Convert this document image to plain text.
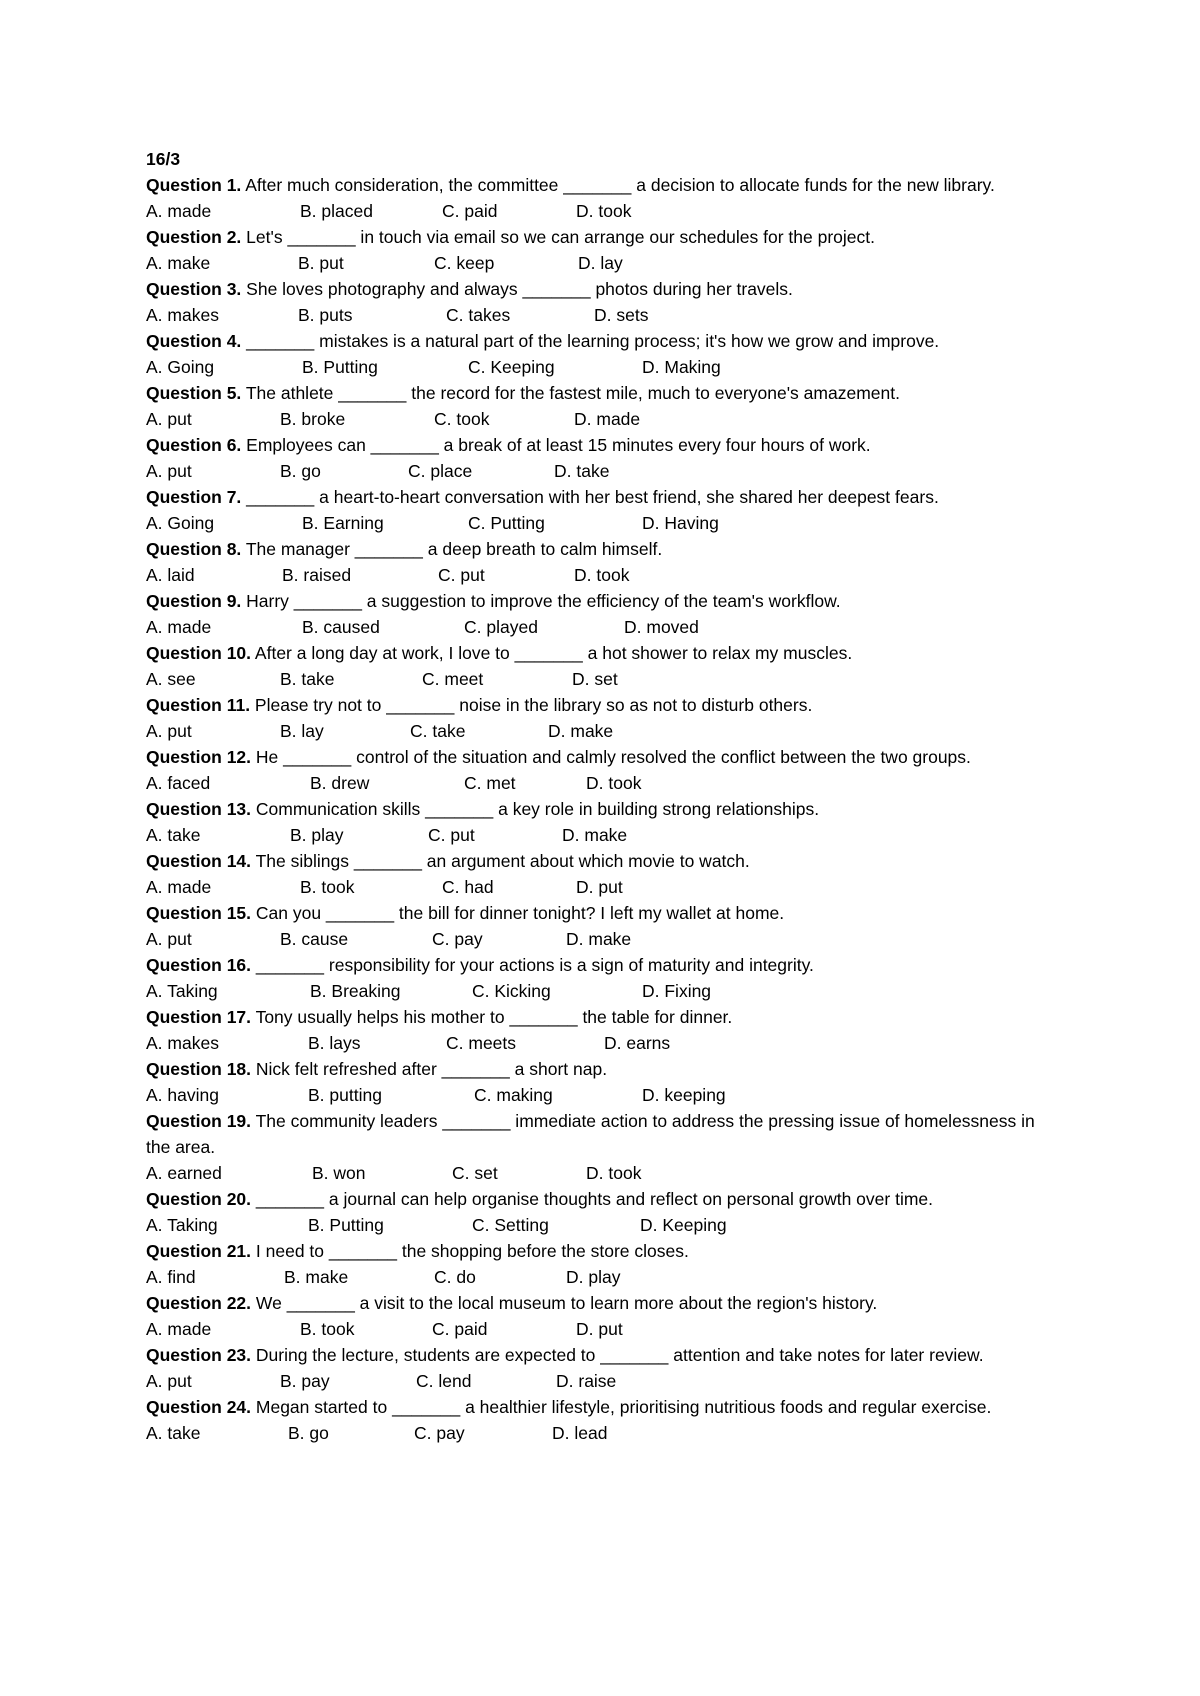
16/3
Question 1. After much consideration, the committee _______ a decision to allocate funds for the new library.
A. made	B. placed	C. paid	D. took
Question 2. Let's _______ in touch via email so we can arrange our schedules for the project.
A. make	B. put	C. keep	D. lay
Question 3. She loves photography and always _______ photos during her travels.
A. makes	B. puts	C. takes	D. sets
Question 4. _______ mistakes is a natural part of the learning process; it's how we grow and improve.
A. Going	B. Putting	C. Keeping	D. Making
Question 5. The athlete _______ the record for the fastest mile, much to everyone's amazement.
A. put	B. broke	C. took	D. made
Question 6. Employees can _______ a break of at least 15 minutes every four hours of work.
A. put	B. go	C. place	D. take
Question 7. _______ a heart-to-heart conversation with her best friend, she shared her deepest fears.
A. Going	B. Earning	C. Putting	D. Having
Question 8. The manager _______ a deep breath to calm himself.
A. laid	B. raised	C. put	D. took
Question 9. Harry _______ a suggestion to improve the efficiency of the team's workflow.
A. made	B. caused	C. played	D. moved
Question 10. After a long day at work, I love to _______ a hot shower to relax my muscles.
A. see	B. take	C. meet	D. set
Question 11. Please try not to _______ noise in the library so as not to disturb others.
A. put	B. lay	C. take	D. make
Question 12. He _______ control of the situation and calmly resolved the conflict between the two groups.
A. faced	B. drew	C. met	D. took
Question 13. Communication skills _______ a key role in building strong relationships.
A. take	B. play	C. put	D. make
Question 14. The siblings _______ an argument about which movie to watch.
A. made	B. took	C. had	D. put
Question 15. Can you _______ the bill for dinner tonight? I left my wallet at home.
A. put	B. cause	C. pay	D. make
Question 16. _______ responsibility for your actions is a sign of maturity and integrity.
A. Taking	B. Breaking	C. Kicking	D. Fixing
Question 17. Tony usually helps his mother to _______ the table for dinner.
A. makes	B. lays	C. meets	D. earns
Question 18. Nick felt refreshed after _______ a short nap.
A. having	B. putting	C. making	D. keeping
Question 19. The community leaders _______ immediate action to address the pressing issue of homelessness in the area.
A. earned	B. won	C. set	D. took
Question 20. _______ a journal can help organise thoughts and reflect on personal growth over time.
A. Taking	B. Putting	C. Setting	D. Keeping
Question 21. I need to _______ the shopping before the store closes.
A. find	B. make	C. do	D. play
Question 22. We _______ a visit to the local museum to learn more about the region's history.
A. made	B. took	C. paid	D. put
Question 23. During the lecture, students are expected to _______ attention and take notes for later review.
A. put	B. pay	C. lend	D. raise
Question 24. Megan started to _______ a healthier lifestyle, prioritising nutritious foods and regular exercise.
A. take	B. go	C. pay	D. lead
